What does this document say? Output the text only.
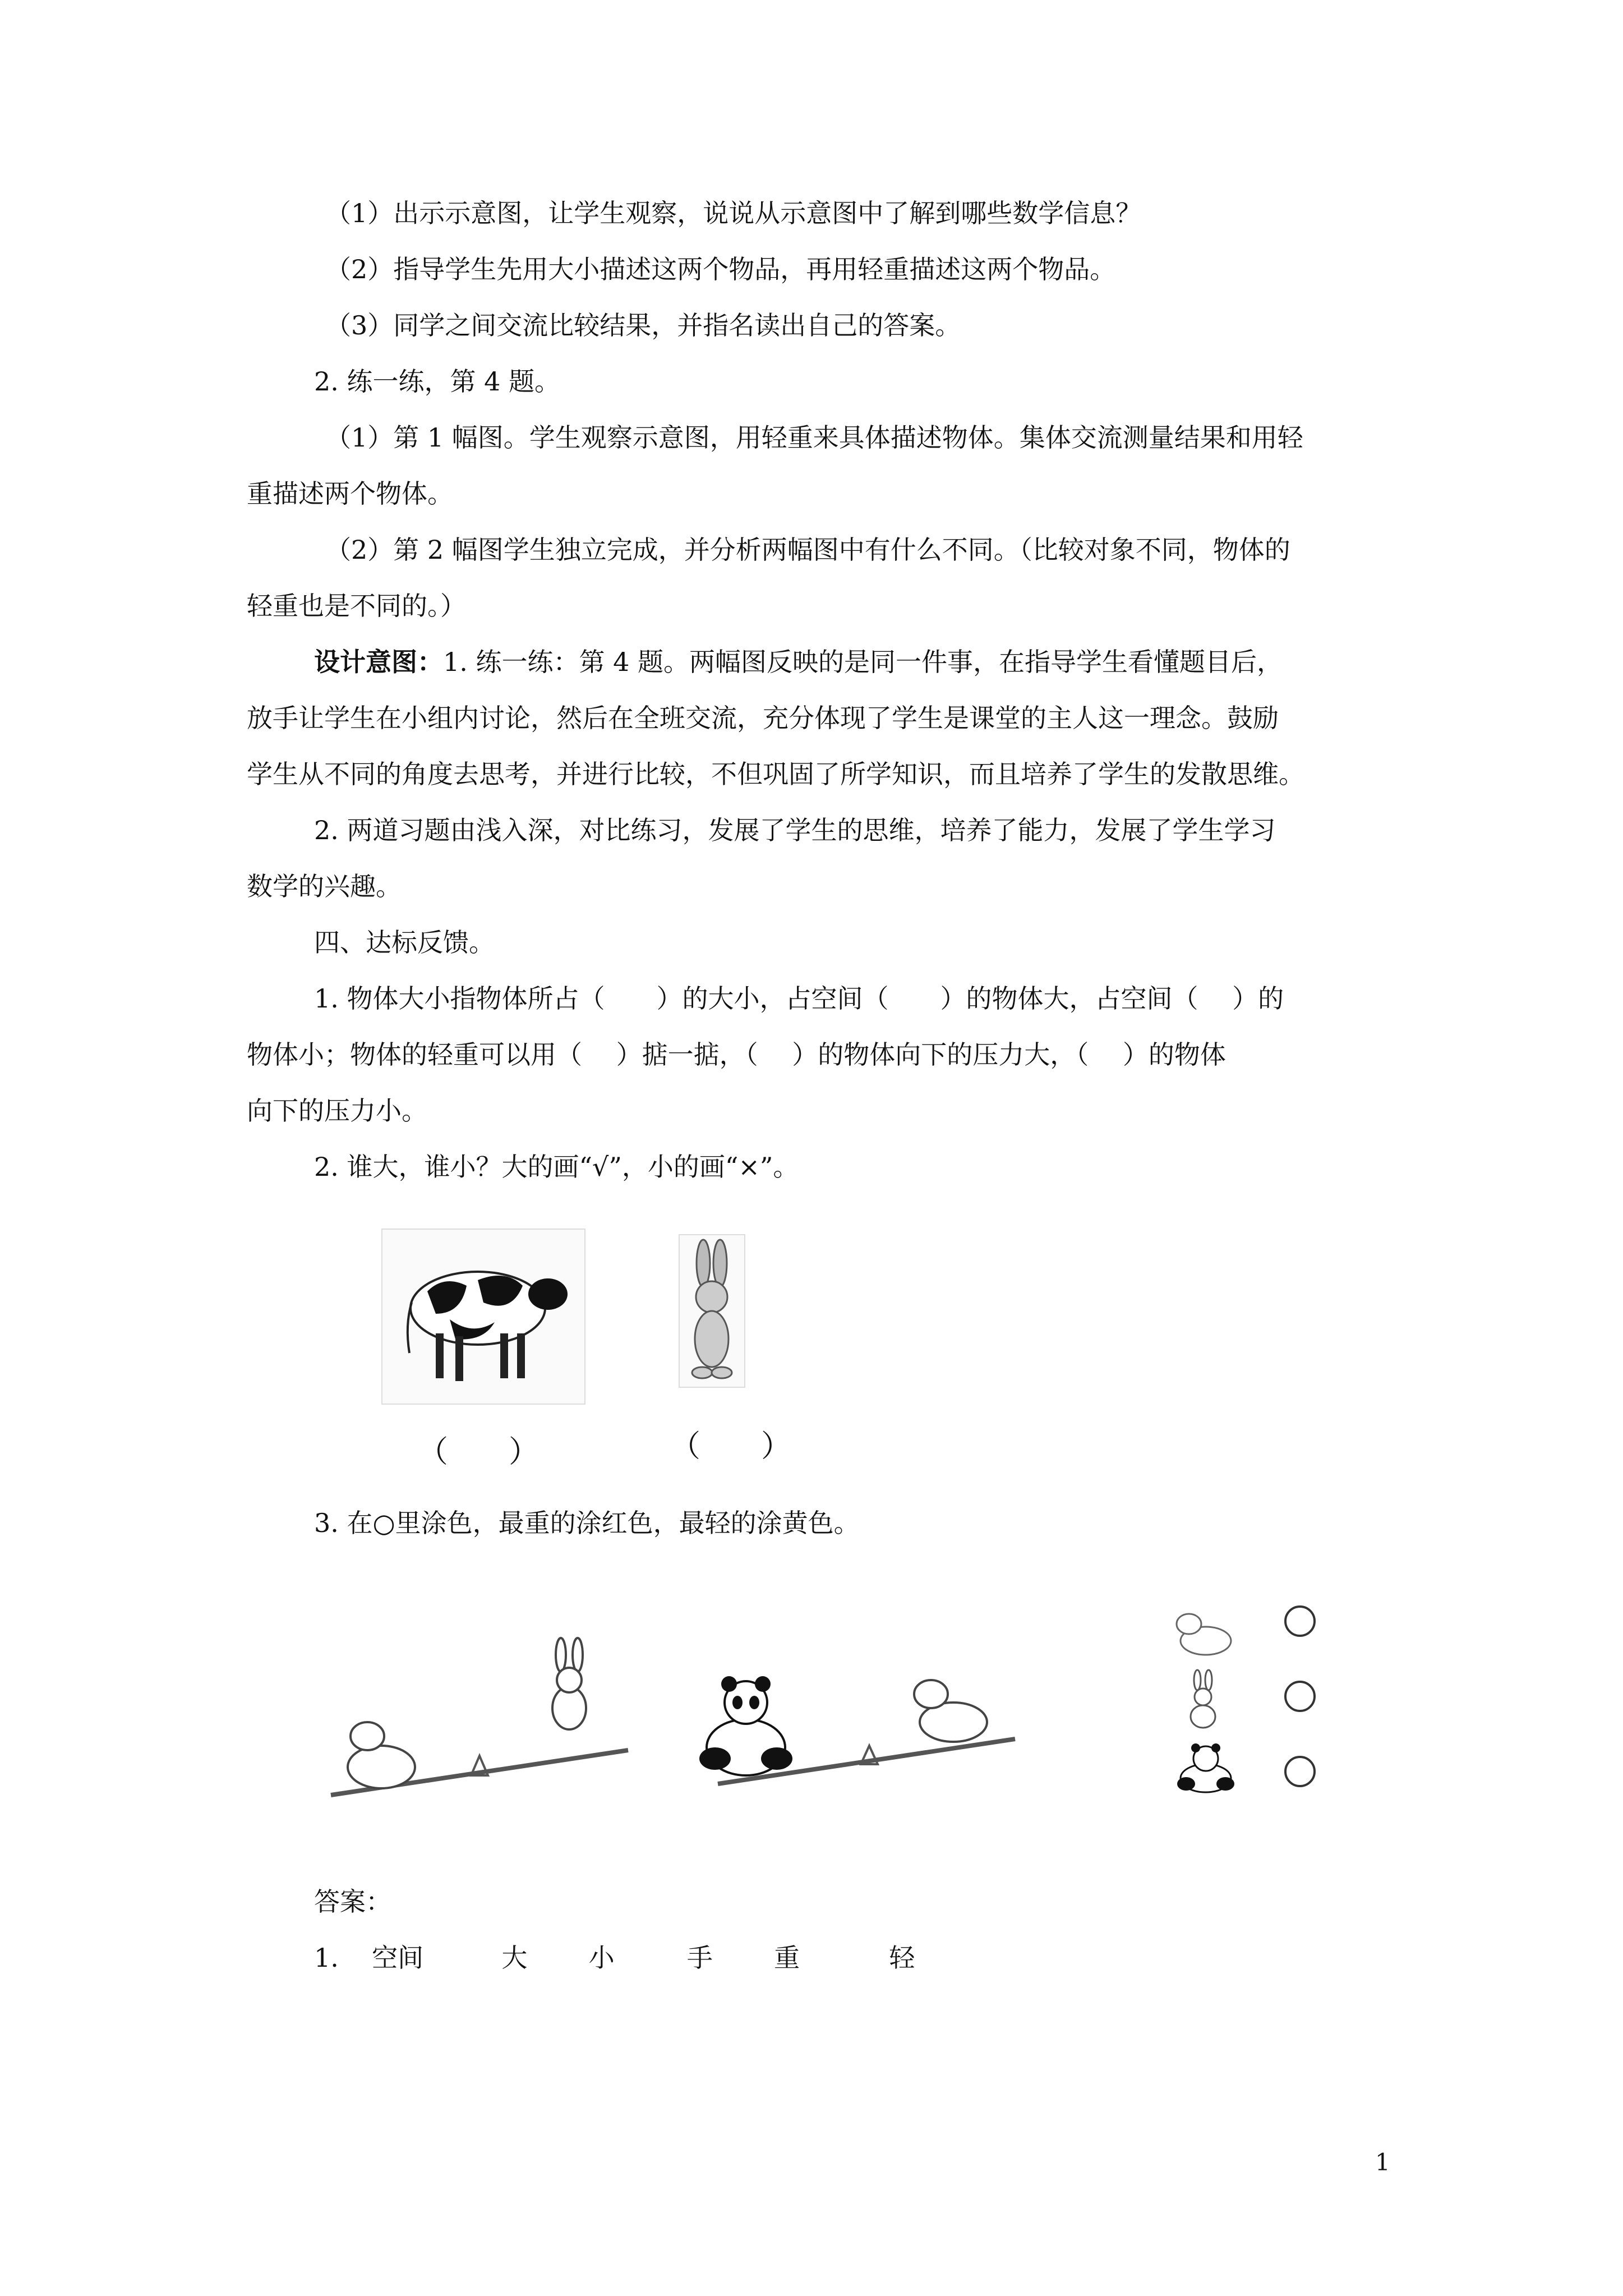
（1）出示示意图，让学生观察，说说从示意图中了解到哪些数学信息？
（2）指导学生先用大小描述这两个物品，再用轻重描述这两个物品。
（3）同学之间交流比较结果，并指名读出自己的答案。
2. 练一练，第 4 题。
（1）第 1 幅图。学生观察示意图，用轻重来具体描述物体。集体交流测量结果和用轻
重描述两个物体。
（2）第 2 幅图学生独立完成，并分析两幅图中有什么不同。（比较对象不同，物体的
轻重也是不同的。）
设计意图：1. 练一练：第 4 题。两幅图反映的是同一件事，在指导学生看懂题目后，
放手让学生在小组内讨论，然后在全班交流，充分体现了学生是课堂的主人这一理念。鼓励
学生从不同的角度去思考，并进行比较，不但巩固了所学知识，而且培养了学生的发散思维。
2. 两道习题由浅入深，对比练习，发展了学生的思维，培养了能力，发展了学生学习
数学的兴趣。
四、达标反馈。
1. 物体大小指物体所占（　　）的大小，占空间（　　）的物体大，占空间（　 ）的
物体小；物体的轻重可以用（　 ）掂一掂，（　 ）的物体向下的压力大，（　 ）的物体
向下的压力小。
2. 谁大，谁小？大的画“√”，小的画“×”。
（　　）	（　　）
3. 在○里涂色，最重的涂红色，最轻的涂黄色。
答案：
1. 空间	大 小	手 重	轻
1
